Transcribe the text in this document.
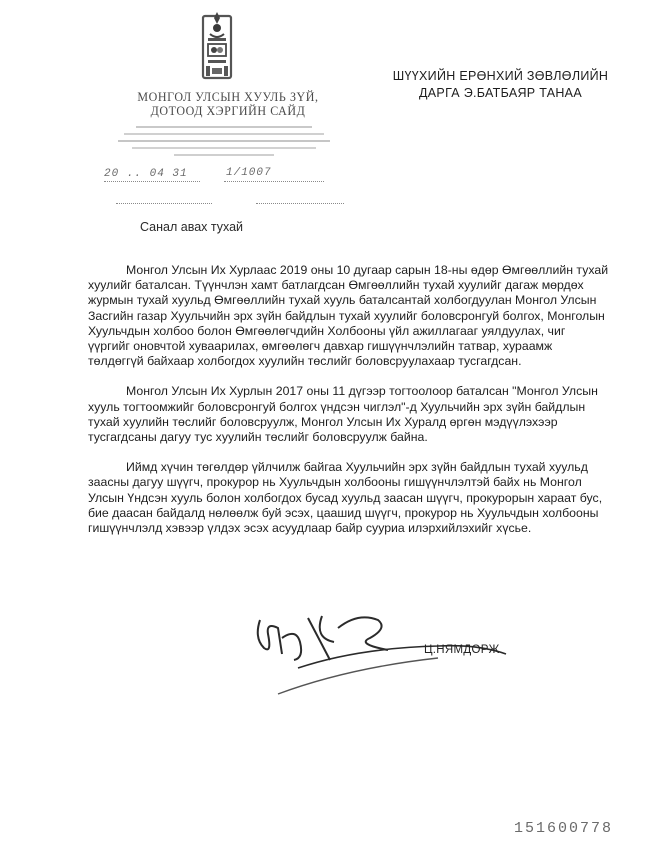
МОНГОЛ УЛСЫН ХУУЛЬ ЗҮЙ,
ДОТООД ХЭРГИЙН САЙД
20 .. 04 31	1/1007
ШҮҮХИЙН ЕРӨНХИЙ ЗӨВЛӨЛИЙН
ДАРГА Э.БАТБАЯР ТАНАА
Санал авах тухай

Монгол Улсын Их Хурлаас 2019 оны 10 дугаар сарын 18-ны өдөр Өмгөөллийн тухай хуулийг баталсан. Түүнчлэн хамт батлагдсан Өмгөөллийн тухай хуулийг дагаж мөрдөх журмын тухай хуульд Өмгөөллийн тухай хууль баталсантай холбогдуулан Монгол Улсын Засгийн газар Хуульчийн эрх зүйн байдлын тухай хуулийг боловсронгуй болгох, Монголын Хуульчдын холбоо болон Өмгөөлөгчдийн Холбооны үйл ажиллагааг уялдуулах, чиг үүргийг оновчтой хуваарилах, өмгөөлөгч давхар гишүүнчлэлийн татвар, хураамж төлдөггүй байхаар холбогдох хуулийн төслийг боловсруулахаар тусгагдсан.

Монгол Улсын Их Хурлын 2017 оны 11 дүгээр тогтоолоор баталсан "Монгол Улсын хууль тогтоомжийг боловсронгуй болгох үндсэн чиглэл"-д Хуульчийн эрх зүйн байдлын тухай хуулийн төслийг боловсруулж, Монгол Улсын Их Хуралд өргөн мэдүүлэхээр тусгагдсаны дагуу тус хуулийн төслийг боловсруулж байна.

Иймд хүчин төгөлдөр үйлчилж байгаа Хуульчийн эрх зүйн байдлын тухай хуульд заасны дагуу шүүгч, прокурор нь Хуульчдын холбооны гишүүнчлэлтэй байх нь Монгол Улсын Үндсэн хууль болон холбогдох бусад хуульд заасан шүүгч, прокурорын хараат бус, бие даасан байдалд нөлөөлж буй эсэх, цаашид шүүгч, прокурор нь Хуульчдын холбооны гишүүнчлэлд хэвээр үлдэх эсэх асуудлаар байр сууриа илэрхийлэхийг хүсье.

Ц.НЯМДОРЖ
151600778
